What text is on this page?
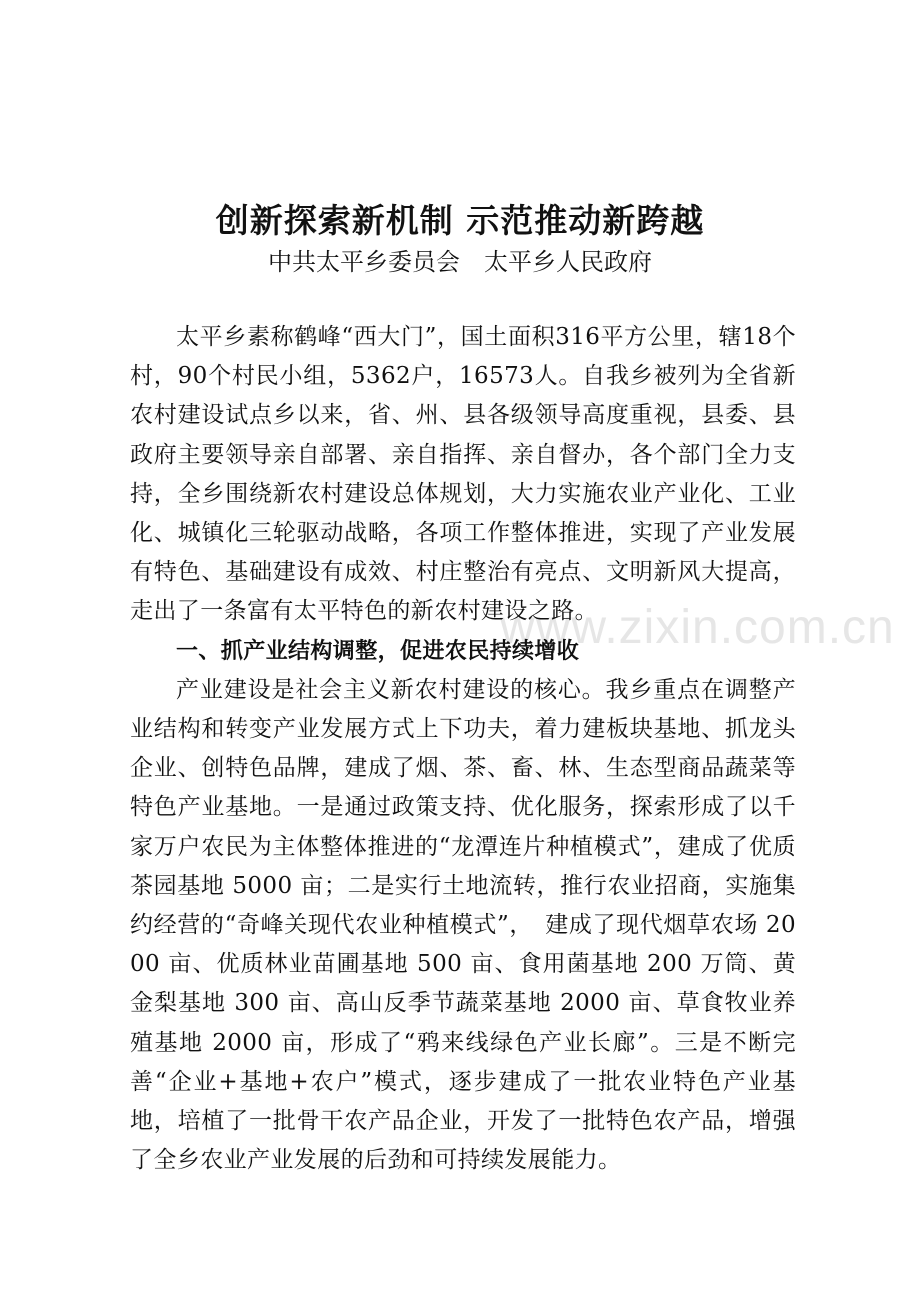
www.zixin.com.cn
创新探索新机制 示范推动新跨越

中共太平乡委员会　太平乡人民政府

太平乡素称鹤峰“西大门”，国土面积316平方公里，辖18个村，90个村民小组，5362户，16573人。自我乡被列为全省新农村建设试点乡以来，省、州、县各级领导高度重视，县委、县政府主要领导亲自部署、亲自指挥、亲自督办，各个部门全力支持，全乡围绕新农村建设总体规划，大力实施农业产业化、工业化、城镇化三轮驱动战略，各项工作整体推进，实现了产业发展有特色、基础建设有成效、村庄整治有亮点、文明新风大提高，走出了一条富有太平特色的新农村建设之路。

一、抓产业结构调整，促进农民持续增收

产业建设是社会主义新农村建设的核心。我乡重点在调整产业结构和转变产业发展方式上下功夫，着力建板块基地、抓龙头企业、创特色品牌，建成了烟、茶、畜、林、生态型商品蔬菜等特色产业基地。一是通过政策支持、优化服务，探索形成了以千家万户农民为主体整体推进的“龙潭连片种植模式”，建成了优质茶园基地 5000 亩；二是实行土地流转，推行农业招商，实施集约经营的“奇峰关现代农业种植模式”，　建成了现代烟草农场 2000 亩、优质林业苗圃基地 500 亩、食用菌基地 200 万筒、黄金梨基地 300 亩、高山反季节蔬菜基地 2000 亩、草食牧业养殖基地 2000 亩，形成了“鸦来线绿色产业长廊”。三是不断完善“企业+基地+农户”模式，逐步建成了一批农业特色产业基地，培植了一批骨干农产品企业，开发了一批特色农产品，增强了全乡农业产业发展的后劲和可持续发展能力。
